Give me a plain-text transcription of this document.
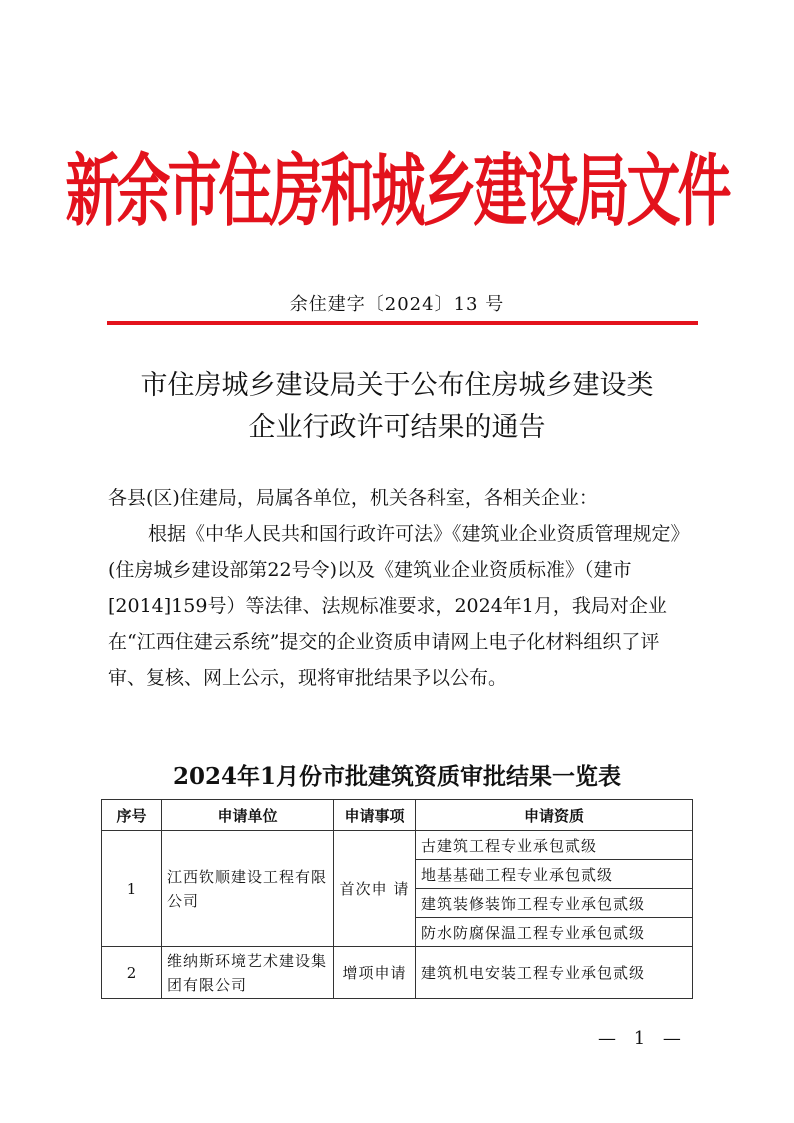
新余市住房和城乡建设局文件
余住建字〔2024〕13 号
市住房城乡建设局关于公布住房城乡建设类
企业行政许可结果的通告

各县(区)住建局，局属各单位，机关各科室，各相关企业：

根据《中华人民共和国行政许可法》《建筑业企业资质管理规定》(住房城乡建设部第22号令)以及《建筑业企业资质标准》（建市[2014]159号）等法律、法规标准要求，2024年1月，我局对企业在“江西住建云系统”提交的企业资质申请网上电子化材料组织了评审、复核、网上公示，现将审批结果予以公布。

2024年1月份市批建筑资质审批结果一览表
序号	申请单位	申请事项	申请资质
1	江西钦顺建设工程有限公司	首次申 请	古建筑工程专业承包贰级
			地基基础工程专业承包贰级
			建筑装修装饰工程专业承包贰级
			防水防腐保温工程专业承包贰级
2	维纳斯环境艺术建设集团有限公司	增项申请	建筑机电安装工程专业承包贰级
— 1 —
